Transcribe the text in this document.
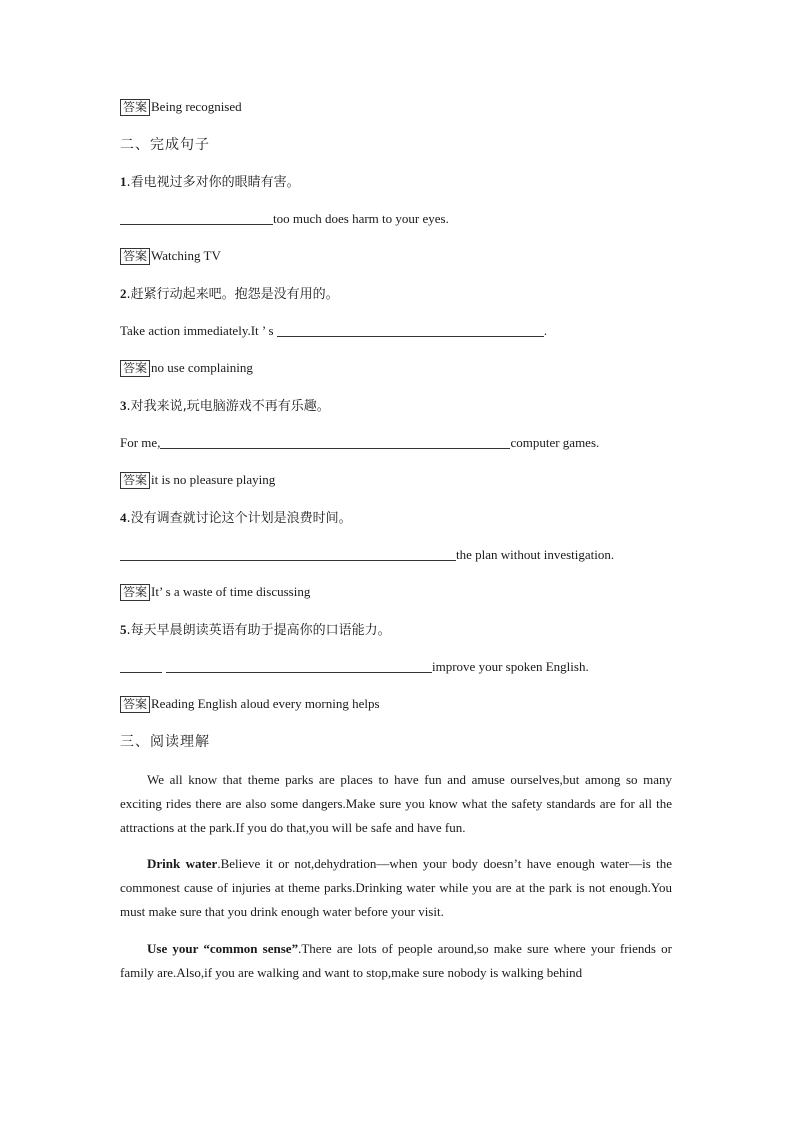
答案 Being recognised
二、完成句子
1.看电视过多对你的眼睛有害。
too much does harm to your eyes.
答案 Watching TV
2.赶紧行动起来吧。抱怨是没有用的。
Take action immediately.It ’ s	.
答案 no use complaining
3.对我来说,玩电脑游戏不再有乐趣。
For me,	computer games.
答案 it is no pleasure playing
4.没有调查就讨论这个计划是浪费时间。
the plan without investigation.
答案 It’ s a waste of time discussing
5.每天早晨朗读英语有助于提高你的口语能力。
improve your spoken English.
答案 Reading English aloud every morning helps
三、阅读理解
We all know that theme parks are places to have fun and amuse ourselves,but among so many exciting rides there are also some dangers.Make sure you know what the safety standards are for all the attractions at the park.If you do that,you will be safe and have fun.
Drink water.Believe it or not,dehydration—when your body doesn’t have enough water—is the commonest cause of injuries at theme parks.Drinking water while you are at the park is not enough.You must make sure that you drink enough water before your visit.
Use your “common sense”.There are lots of people around,so make sure where your friends or family are.Also,if you are walking and want to stop,make sure nobody is walking behind
